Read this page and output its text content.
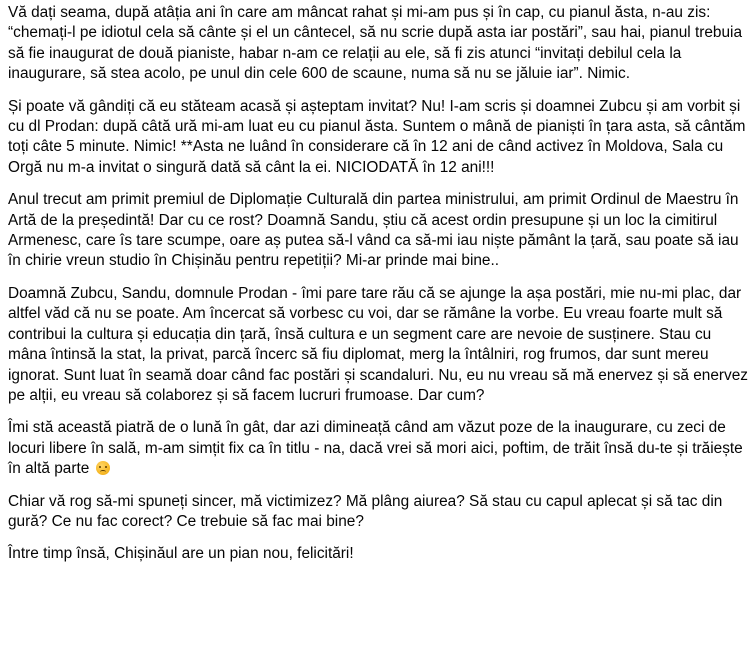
Vă dați seama, după atâția ani în care am mâncat rahat și mi-am pus și în cap, cu pianul ăsta, n-au zis: “chemați-l pe idiotul cela să cânte și el un cântecel, să nu scrie după asta iar postări”, sau hai, pianul trebuia să fie inaugurat de două pianiste, habar n-am ce relații au ele, să fi zis atunci “invitați debilul cela la inaugurare, să stea acolo, pe unul din cele 600 de scaune, numa să nu se jăluie iar”. Nimic.

Și poate vă gândiți că eu stăteam acasă și așteptam invitat? Nu! I-am scris și doamnei Zubcu și am vorbit și cu dl Prodan: după câtă ură mi-am luat eu cu pianul ăsta. Suntem o mână de pianiști în țara asta, să cântăm toți câte 5 minute. Nimic! **Asta ne luând în considerare că în 12 ani de când activez în Moldova, Sala cu Orgă nu m-a invitat o singură dată să cânt la ei. NICIODATĂ în 12 ani!!!

Anul trecut am primit premiul de Diplomație Culturală din partea ministrului, am primit Ordinul de Maestru în Artă de la președintă! Dar cu ce rost? Doamnă Sandu, știu că acest ordin presupune și un loc la cimitirul Armenesc, care îs tare scumpe, oare aș putea să-l vând ca să-mi iau niște pământ la țară, sau poate să iau în chirie vreun studio în Chișinău pentru repetiții? Mi-ar prinde mai bine..

Doamnă Zubcu, Sandu, domnule Prodan - îmi pare tare rău că se ajunge la așa postări, mie nu-mi plac, dar altfel văd că nu se poate. Am încercat să vorbesc cu voi, dar se rămâne la vorbe. Eu vreau foarte mult să contribui la cultura și educația din țară, însă cultura e un segment care are nevoie de susținere. Stau cu mâna întinsă la stat, la privat, parcă încerc să fiu diplomat, merg la întâlniri, rog frumos, dar sunt mereu ignorat. Sunt luat în seamă doar când fac postări și scandaluri. Nu, eu nu vreau să mă enervez și să enervez pe alții, eu vreau să colaborez și să facem lucruri frumoase. Dar cum?

Îmi stă această piatră de o lună în gât, dar azi dimineață când am văzut poze de la inaugurare, cu zeci de locuri libere în sală, m-am simțit fix ca în titlu - na, dacă vrei să mori aici, poftim, de trăit însă du-te și trăiește în altă parte

Chiar vă rog să-mi spuneți sincer, mă victimizez? Mă plâng aiurea? Să stau cu capul aplecat și să tac din gură? Ce nu fac corect? Ce trebuie să fac mai bine?

Între timp însă, Chișinăul are un pian nou, felicitări!
